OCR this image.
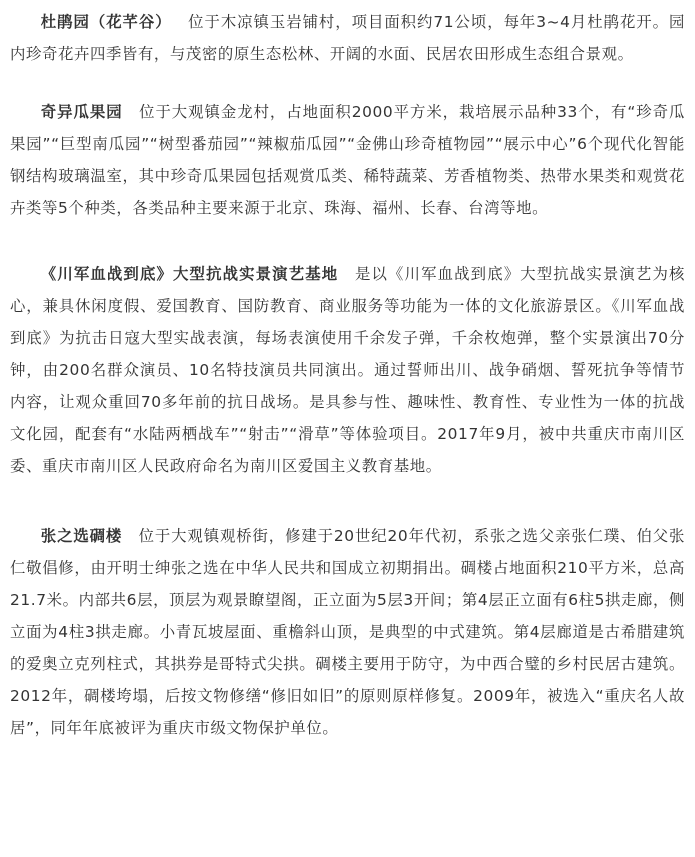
杜鹃园（花芊谷） 位于木凉镇玉岩铺村，项目面积约71公顷，每年3~4月杜鹃花开。园内珍奇花卉四季皆有，与茂密的原生态松林、开阔的水面、民居农田形成生态组合景观。

奇异瓜果园 位于大观镇金龙村，占地面积2000平方米，栽培展示品种33个，有“珍奇瓜果园”“巨型南瓜园”“树型番茄园”“辣椒茄瓜园”“金佛山珍奇植物园”“展示中心”6个现代化智能钢结构玻璃温室，其中珍奇瓜果园包括观赏瓜类、稀特蔬菜、芳香植物类、热带水果类和观赏花卉类等5个种类，各类品种主要来源于北京、珠海、福州、长春、台湾等地。

《川军血战到底》大型抗战实景演艺基地 是以《川军血战到底》大型抗战实景演艺为核心，兼具休闲度假、爱国教育、国防教育、商业服务等功能为一体的文化旅游景区。《川军血战到底》为抗击日寇大型实战表演，每场表演使用千余发子弹，千余枚炮弹，整个实景演出70分钟，由200名群众演员、10名特技演员共同演出。通过誓师出川、战争硝烟、誓死抗争等情节内容，让观众重回70多年前的抗日战场。是具参与性、趣味性、教育性、专业性为一体的抗战文化园，配套有“水陆两栖战车”“射击”“滑草”等体验项目。2017年9月，被中共重庆市南川区委、重庆市南川区人民政府命名为南川区爱国主义教育基地。

张之选碉楼 位于大观镇观桥街，修建于20世纪20年代初，系张之选父亲张仁璞、伯父张仁敬倡修，由开明士绅张之选在中华人民共和国成立初期捐出。碉楼占地面积210平方米，总高21.7米。内部共6层，顶层为观景瞭望阁，正立面为5层3开间；第4层正立面有6柱5拱走廊，侧立面为4柱3拱走廊。小青瓦坡屋面、重檐斜山顶，是典型的中式建筑。第4层廊道是古希腊建筑的爱奥立克列柱式，其拱券是哥特式尖拱。碉楼主要用于防守，为中西合璧的乡村民居古建筑。2012年，碉楼垮塌，后按文物修缮“修旧如旧”的原则原样修复。2009年，被选入“重庆名人故居”，同年年底被评为重庆市级文物保护单位。
